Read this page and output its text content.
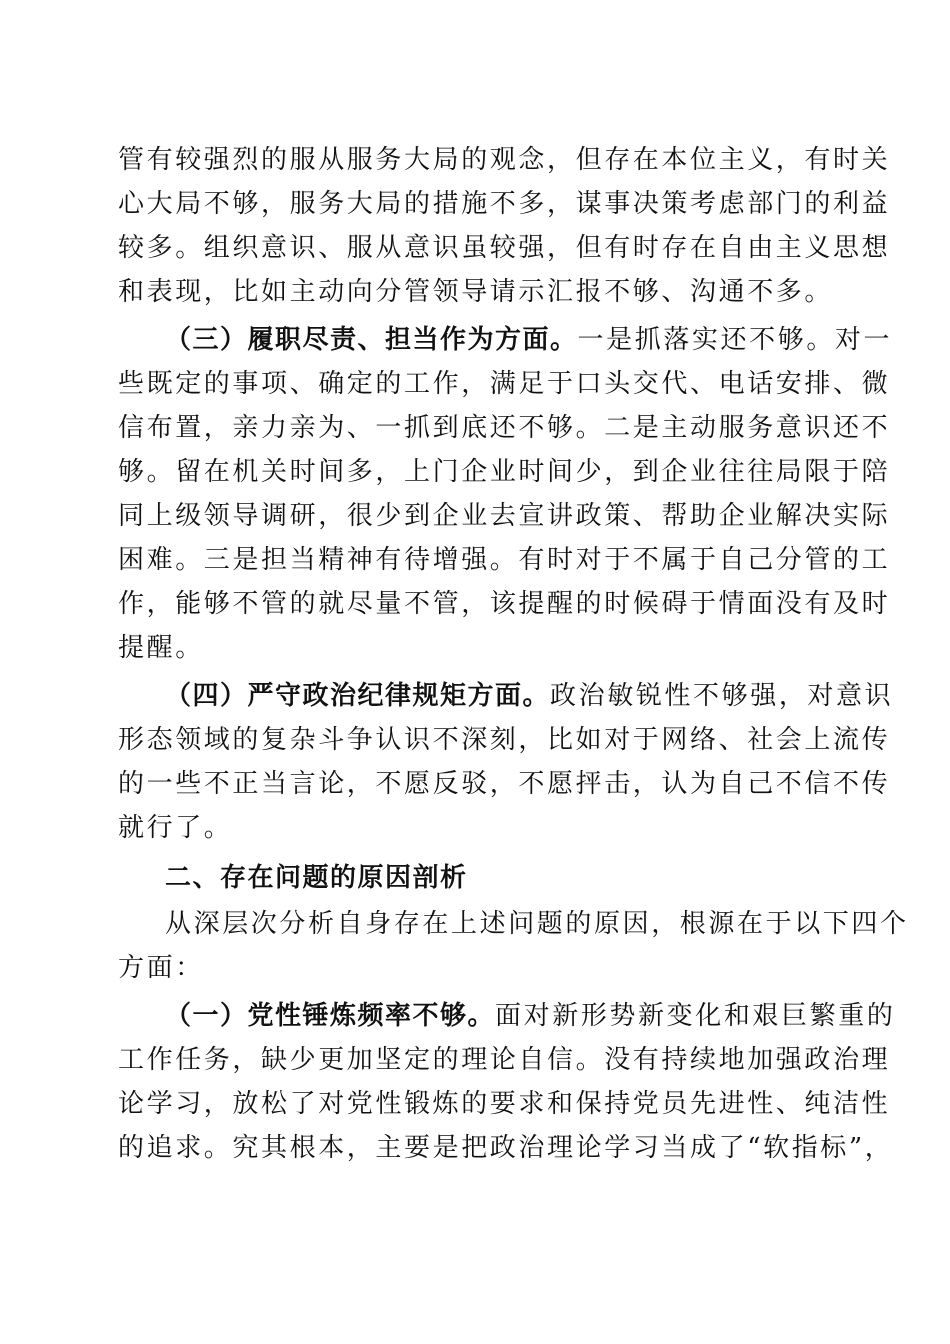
管有较强烈的服从服务大局的观念，但存在本位主义，有时关
心大局不够，服务大局的措施不多，谋事决策考虑部门的利益
较多。组织意识、服从意识虽较强，但有时存在自由主义思想
和表现，比如主动向分管领导请示汇报不够、沟通不多。
（三）履职尽责、担当作为方面。一是抓落实还不够。对一
些既定的事项、确定的工作，满足于口头交代、电话安排、微
信布置，亲力亲为、一抓到底还不够。二是主动服务意识还不
够。留在机关时间多，上门企业时间少，到企业往往局限于陪
同上级领导调研，很少到企业去宣讲政策、帮助企业解决实际
困难。三是担当精神有待增强。有时对于不属于自己分管的工
作，能够不管的就尽量不管，该提醒的时候碍于情面没有及时
提醒。
（四）严守政治纪律规矩方面。政治敏锐性不够强，对意识
形态领域的复杂斗争认识不深刻，比如对于网络、社会上流传
的一些不正当言论，不愿反驳，不愿抨击，认为自己不信不传
就行了。
二、存在问题的原因剖析
从深层次分析自身存在上述问题的原因，根源在于以下四个
方面：
（一）党性锤炼频率不够。面对新形势新变化和艰巨繁重的
工作任务，缺少更加坚定的理论自信。没有持续地加强政治理
论学习，放松了对党性锻炼的要求和保持党员先进性、纯洁性
的追求。究其根本，主要是把政治理论学习当成了“软指标”，
